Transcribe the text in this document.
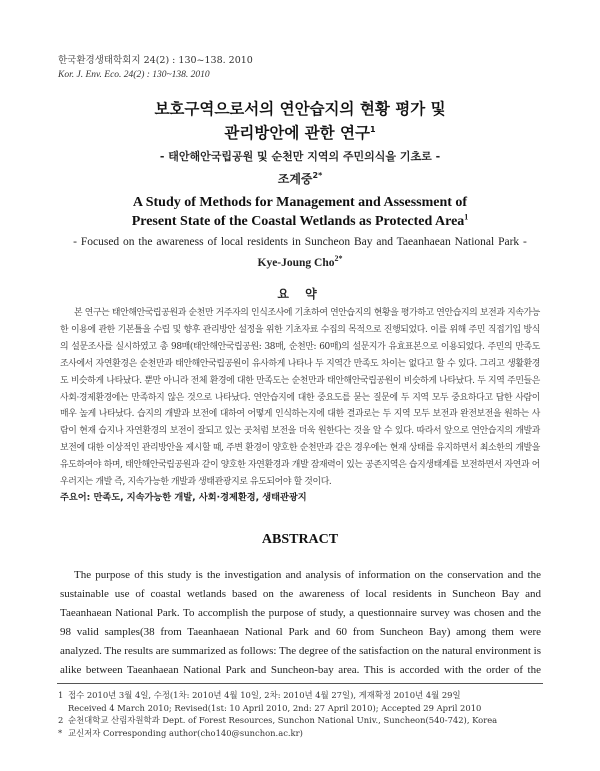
한국환경생태학회지 24(2) : 130~138. 2010
Kor. J. Env. Eco. 24(2) : 130~138. 2010
보호구역으로서의 연안습지의 현황 평가 및
관리방안에 관한 연구$^1$
- 태안해안국립공원 및 순천만 지역의 주민의식을 기초로 -
조계중$^{2*}$
A Study of Methods for Management and Assessment of
Present State of the Coastal Wetlands as Protected Area$^1$
- Focused on the awareness of local residents in Suncheon Bay and Taeanhaean National Park -
Kye-Joung Cho$^{2*}$
요 약
본 연구는 태안해안국립공원과 순천만 거주자의 인식조사에 기초하여 연안습지의 현황을 평가하고 연안습지의 보전과 지속가능한 이용에 관한 기본틀을 수립 및 향후 관리방안 설정을 위한 기초자료 수집의 목적으로 진행되었다. 이를 위해 주민 직접기입 방식의 설문조사를 실시하였고 총 98매(태안해안국립공원: 38매, 순천만: 60매)의 설문지가 유효표본으로 이용되었다. 주민의 만족도 조사에서 자연환경은 순천만과 태안해안국립공원이 유사하게 나타나 두 지역간 만족도 차이는 없다고 할 수 있다. 그리고 생활환경도 비슷하게 나타났다. 뿐만 아니라 전체 환경에 대한 만족도는 순천만과 태안해안국립공원이 비슷하게 나타났다. 두 지역 주민들은 사회·경제환경에는 만족하지 않은 것으로 나타났다. 연안습지에 대한 중요도를 묻는 질문에 두 지역 모두 중요하다고 답한 사람이 매우 높게 나타났다. 습지의 개발과 보전에 대하여 어떻게 인식하는지에 대한 결과로는 두 지역 모두 보전과 완전보전을 원하는 사람이 현재 습지나 자연환경의 보전이 잘되고 있는 곳처럼 보전을 더욱 원한다는 것을 알 수 있다. 따라서 앞으로 연안습지의 개발과 보전에 대한 이상적인 관리방안을 제시할 때, 주변 환경이 양호한 순천만과 같은 경우에는 현재 상태를 유지하면서 최소한의 개발을 유도하여야 하며, 태안해안국립공원과 같이 양호한 자연환경과 개발 잠재력이 있는 공존지역은 습지생태계를 보전하면서 자연과 어우러지는 개발 즉, 지속가능한 개발과 생태관광지로 유도되어야 할 것이다.
주요어: 만족도, 지속가능한 개발, 사회·경제환경, 생태관광지
ABSTRACT
The purpose of this study is the investigation and analysis of information on the conservation and the sustainable use of coastal wetlands based on the awareness of local residents in Suncheon Bay and Taeanhaean National Park. To accomplish the purpose of study, a questionnaire survey was chosen and the 98 valid samples(38 from Taeanhaean National Park and 60 from Suncheon Bay) among them were analyzed. The results are summarized as follows: The degree of the satisfaction on the natural environment is alike between Taeanhaean National Park and Suncheon-bay area. This is accorded with the order of the
1 접수 2010년 3월 4일, 수정(1차: 2010년 4월 10일, 2차: 2010년 4월 27일), 게재확정 2010년 4월 29일
Received 4 March 2010; Revised(1st: 10 April 2010, 2nd: 27 April 2010); Accepted 29 April 2010
2 순천대학교 산림자원학과 Dept. of Forest Resources, Sunchon National Univ., Suncheon(540-742), Korea
* 교신저자 Corresponding author(cho140@sunchon.ac.kr)
